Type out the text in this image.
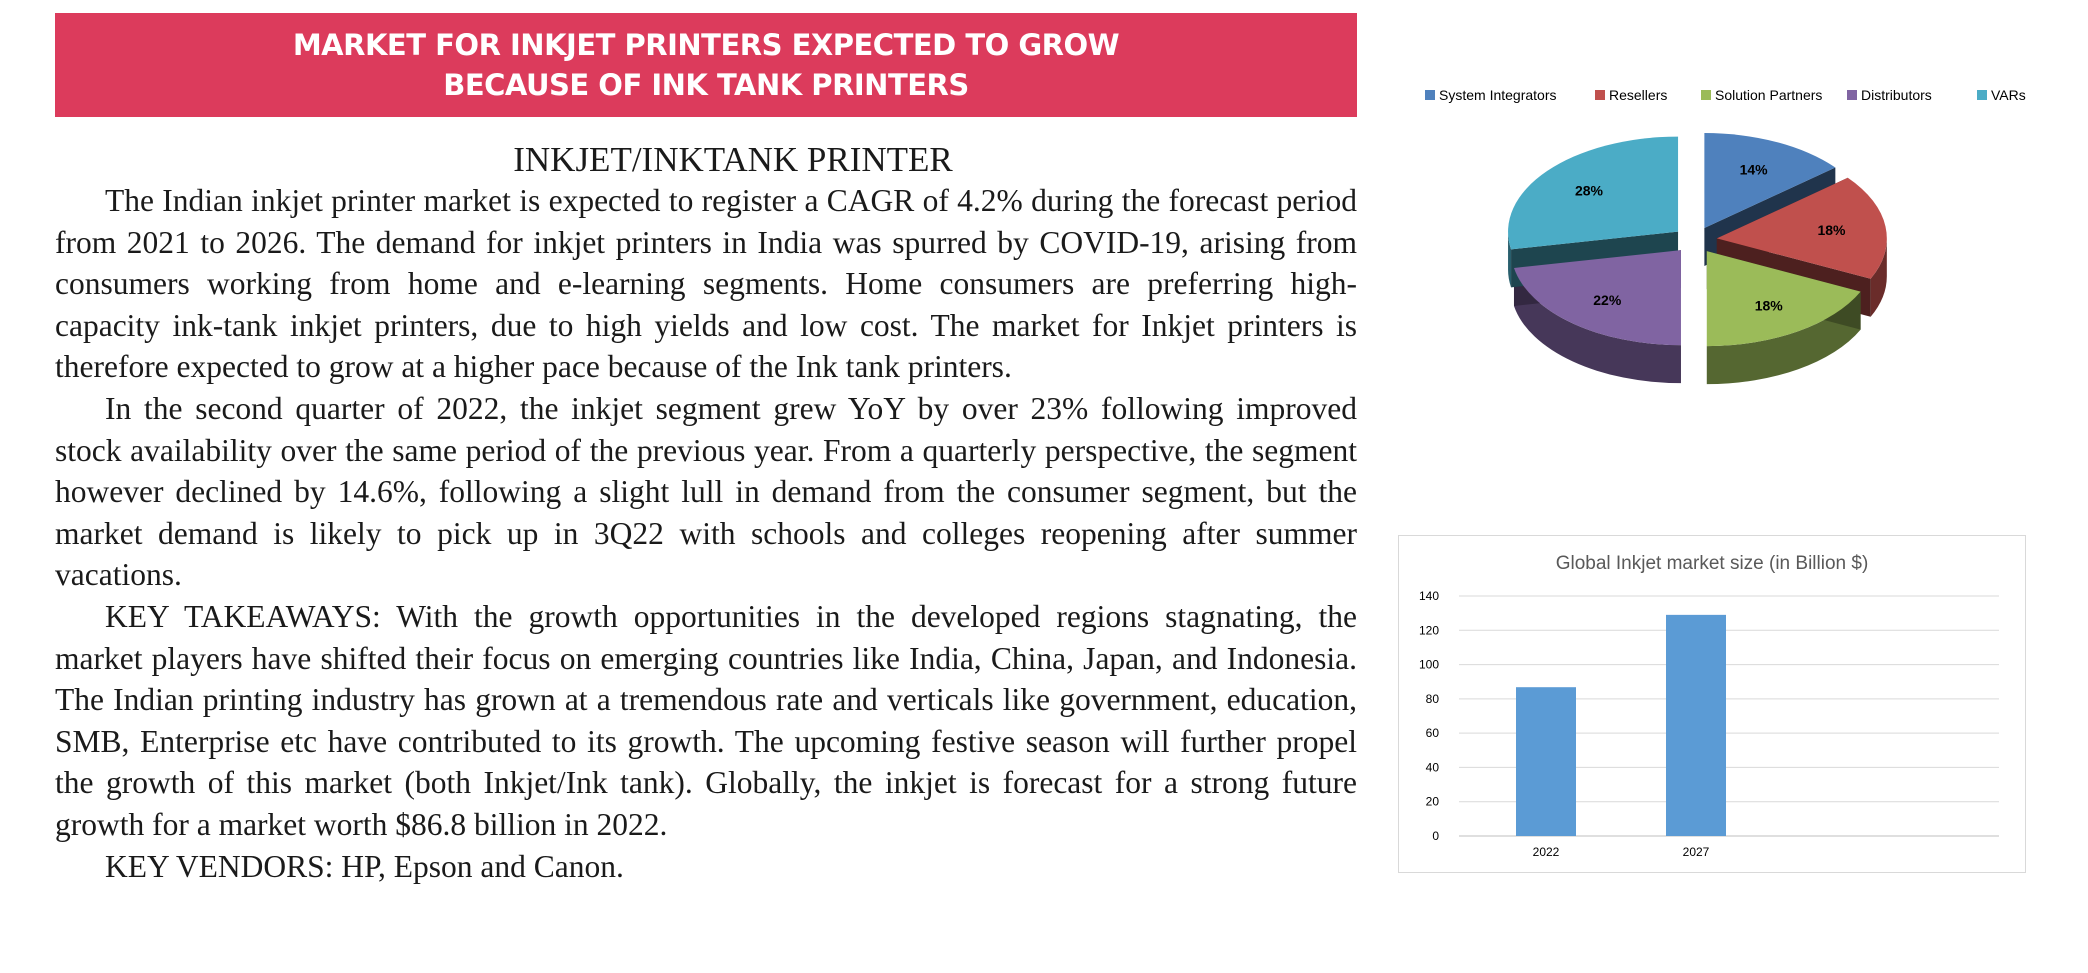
MARKET FOR INKJET PRINTERS EXPECTED TO GROW
BECAUSE OF INK TANK PRINTERS
INKJET/INKTANK PRINTER

The Indian inkjet printer market is expected to register a CAGR of 4.2% during the forecast period from 2021 to 2026. The demand for inkjet printers in India was spurred by COVID-19, arising from consumers working from home and e-learning segments. Home consumers are preferring high-capacity ink-tank inkjet printers, due to high yields and low cost. The market for Inkjet printers is therefore expected to grow at a higher pace because of the Ink tank printers.

In the second quarter of 2022, the inkjet segment grew YoY by over 23% following improved stock availability over the same period of the previous year. From a quarterly perspective, the segment however declined by 14.6%, following a slight lull in demand from the consumer segment, but the market demand is likely to pick up in 3Q22 with schools and colleges reopening after summer vacations.

KEY TAKEAWAYS: With the growth opportunities in the developed regions stagnating, the market players have shifted their focus on emerging countries like India, China, Japan, and Indonesia. The Indian printing industry has grown at a tremendous rate and verticals like government, education, SMB, Enterprise etc have contributed to its growth. The upcoming festive season will further propel the growth of this market (both Inkjet/Ink tank). Globally, the inkjet is forecast for a strong future growth for a market worth $86.8 billion in 2022.

KEY VENDORS: HP, Epson and Canon.

System Integrators	Resellers	Solution Partners	Distributors	VARs
14%
18%
18%
22%
28%
Global Inkjet market size (in Billion $)
0
20
40
60
80
100
120
140
2022	2027
